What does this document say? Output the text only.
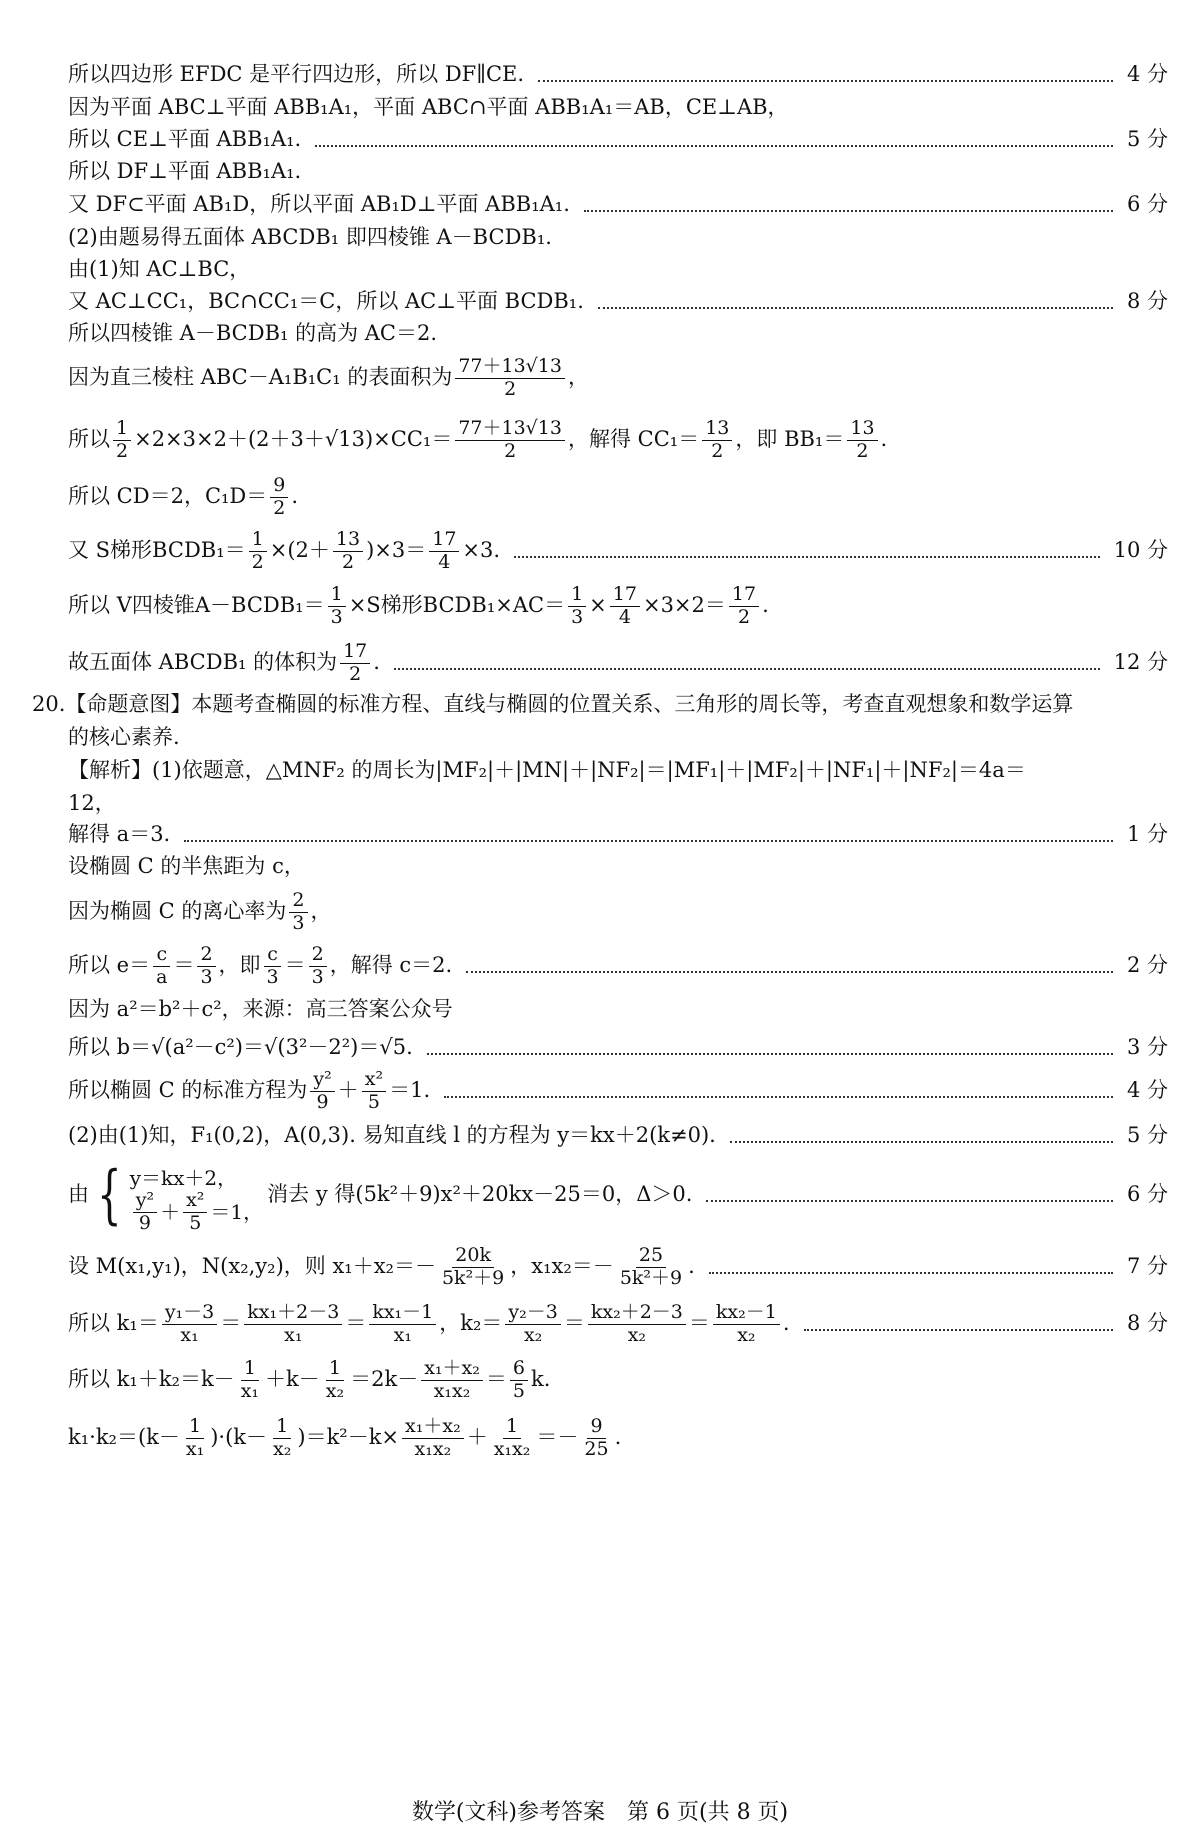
所以四边形 EFDC 是平行四边形，所以 DF∥CE.	4 分
因为平面 ABC⊥平面 ABB₁A₁，平面 ABC∩平面 ABB₁A₁＝AB，CE⊥AB，
所以 CE⊥平面 ABB₁A₁.	5 分
所以 DF⊥平面 ABB₁A₁.
又 DF⊂平面 AB₁D，所以平面 AB₁D⊥平面 ABB₁A₁.	6 分
(2)由题易得五面体 ABCDB₁ 即四棱锥 A－BCDB₁.
由(1)知 AC⊥BC，
又 AC⊥CC₁，BC∩CC₁＝C，所以 AC⊥平面 BCDB₁.	8 分
所以四棱锥 A－BCDB₁ 的高为 AC＝2.
因为直三棱柱 ABC－A₁B₁C₁ 的表面积为 $\frac{77+13√13}{2}$ ，
所以 $\frac{1}{2} \times 2\times 3\times 2+(2+3+√13)\times CC_1= \frac{77+13√13}{2}$ ，解得 $CC_1= \frac{13}{2}$ ，即 $BB_1= \frac{13}{2}$ .
所以 CD＝2，$C_1D= \frac{9}{2}$ .
又 S梯形BCDB₁＝ $\frac{1}{2} \times(2+ \frac{13}{2} )\times 3= \frac{17}{4} \times 3$.	10 分
所以 V四棱锥A－BCDB₁＝ $\frac{1}{3} \times S$梯形BCDB₁×AC＝ $\frac{1}{3} \times \frac{17}{4} \times 3\times 2= \frac{17}{2}$ .
故五面体 ABCDB₁ 的体积为 $\frac{17}{2}$ .	12 分
20.【命题意图】本题考查椭圆的标准方程、直线与椭圆的位置关系、三角形的周长等，考查直观想象和数学运算
的核心素养.
【解析】(1)依题意，△MNF₂ 的周长为|MF₂|＋|MN|＋|NF₂|＝|MF₁|＋|MF₂|＋|NF₁|＋|NF₂|＝4a＝
12，
解得 a＝3.	1 分
设椭圆 C 的半焦距为 c，
因为椭圆 C 的离心率为 $\frac{2}{3}$ ，
所以 $e= \frac{c}{a} = \frac{2}{3}$ ，即 $\frac{c}{3} = \frac{2}{3}$ ，解得 c＝2.	2 分
因为 a²＝b²＋c²， 来源：高三答案公众号
所以 b＝√(a²－c²)＝√(3²－2²)＝√5.	3 分
所以椭圆 C 的标准方程为 $\frac{\text{y²}}{9} + \frac{\text{x²}}{5} =1$.	4 分
(2)由(1)知，F₁(0,2)，A(0,3). 易知直线 l 的方程为 y＝kx＋2(k≠0).	5 分
由 { y＝kx＋2，
$\frac{\text{y²}}{9} + \frac{\text{x²}}{5} =1$，
消去 y 得(5k²＋9)x²＋20kx－25＝0，Δ＞0.	6 分
设 M(x₁,y₁)，N(x₂,y₂)，则 $x_1+x_2=- \frac{20k}{\text{5k²＋9}}$ ，$x_1x_2=- \frac{25}{\text{5k²＋9}}$ .	7 分
所以 $k_1= \frac{\text{y₁－3}}{\text{x₁}} = \frac{\text{kx₁＋2－3}}{\text{x₁}} = \frac{\text{kx₁－1}}{\text{x₁}}$ ，$k_2= \frac{\text{y₂－3}}{\text{x₂}} = \frac{\text{kx₂＋2－3}}{\text{x₂}} = \frac{\text{kx₂－1}}{\text{x₂}}$ .	8 分
所以 $k_1+k_2=k- \frac{1}{\text{x₁}} +k- \frac{1}{\text{x₂}} =2k- \frac{\text{x₁＋x₂}}{\text{x₁x₂}} = \frac{6}{5} k$.
$k_1\cdot k_2=(k- \frac{1}{\text{x₁}} )\cdot(k- \frac{1}{\text{x₂}} )=k^2-k\times \frac{\text{x₁＋x₂}}{\text{x₁x₂}} + \frac{1}{\text{x₁x₂}} =- \frac{9}{25}$ .
数学(文科)参考答案　第 6 页(共 8 页)
